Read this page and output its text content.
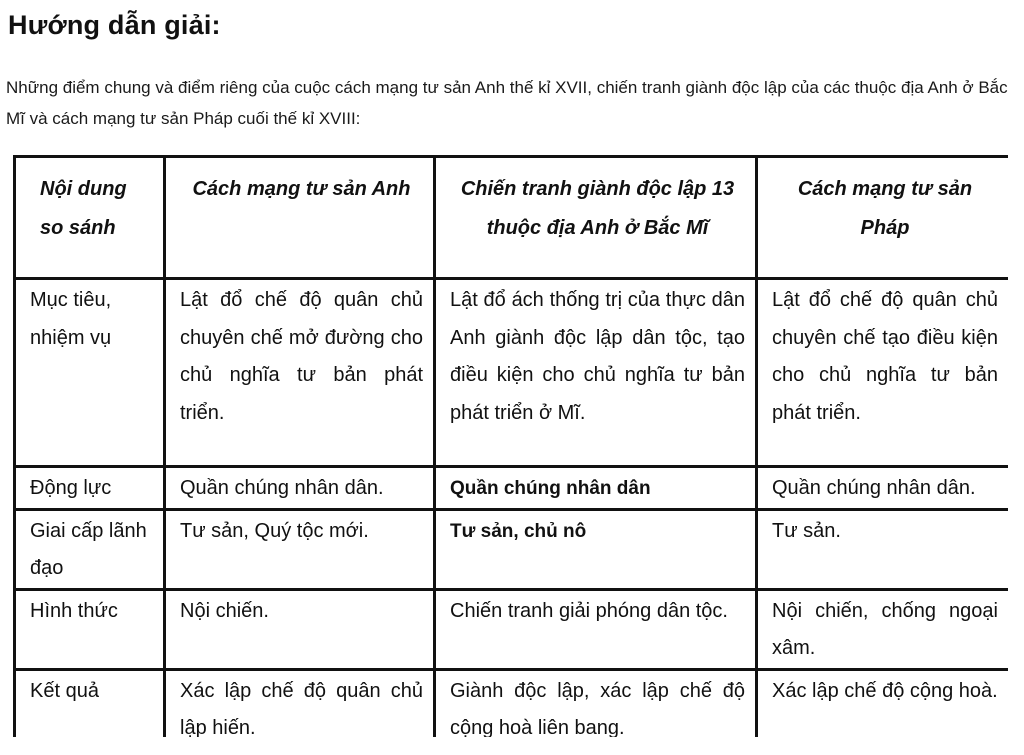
Hướng dẫn giải:

Những điểm chung và điểm riêng của cuộc cách mạng tư sản Anh thế kỉ XVII, chiến tranh giành độc lập của các thuộc địa Anh ở Bắc Mĩ và cách mạng tư sản Pháp cuối thế kỉ XVIII:

Nội dung so sánh	Cách mạng tư sản Anh	Chiến tranh giành độc lập 13 thuộc địa Anh ở Bắc Mĩ	Cách mạng tư sản Pháp
Mục tiêu, nhiệm vụ	Lật đổ chế độ quân chủ chuyên chế mở đường cho chủ nghĩa tư bản phát triển.	Lật đổ ách thống trị của thực dân Anh giành độc lập dân tộc, tạo điều kiện cho chủ nghĩa tư bản phát triển ở Mĩ.	Lật đổ chế độ quân chủ chuyên chế tạo điều kiện cho chủ nghĩa tư bản phát triển.
Động lực	Quần chúng nhân dân.	Quần chúng nhân dân	Quần chúng nhân dân.
Giai cấp lãnh đạo	Tư sản, Quý tộc mới.	Tư sản, chủ nô	Tư sản.
Hình thức	Nội chiến.	Chiến tranh giải phóng dân tộc.	Nội chiến, chống ngoại xâm.
Kết quả	Xác lập chế độ quân chủ lập hiến.	Giành độc lập, xác lập chế độ cộng hoà liên bang.	Xác lập chế độ cộng hoà.
